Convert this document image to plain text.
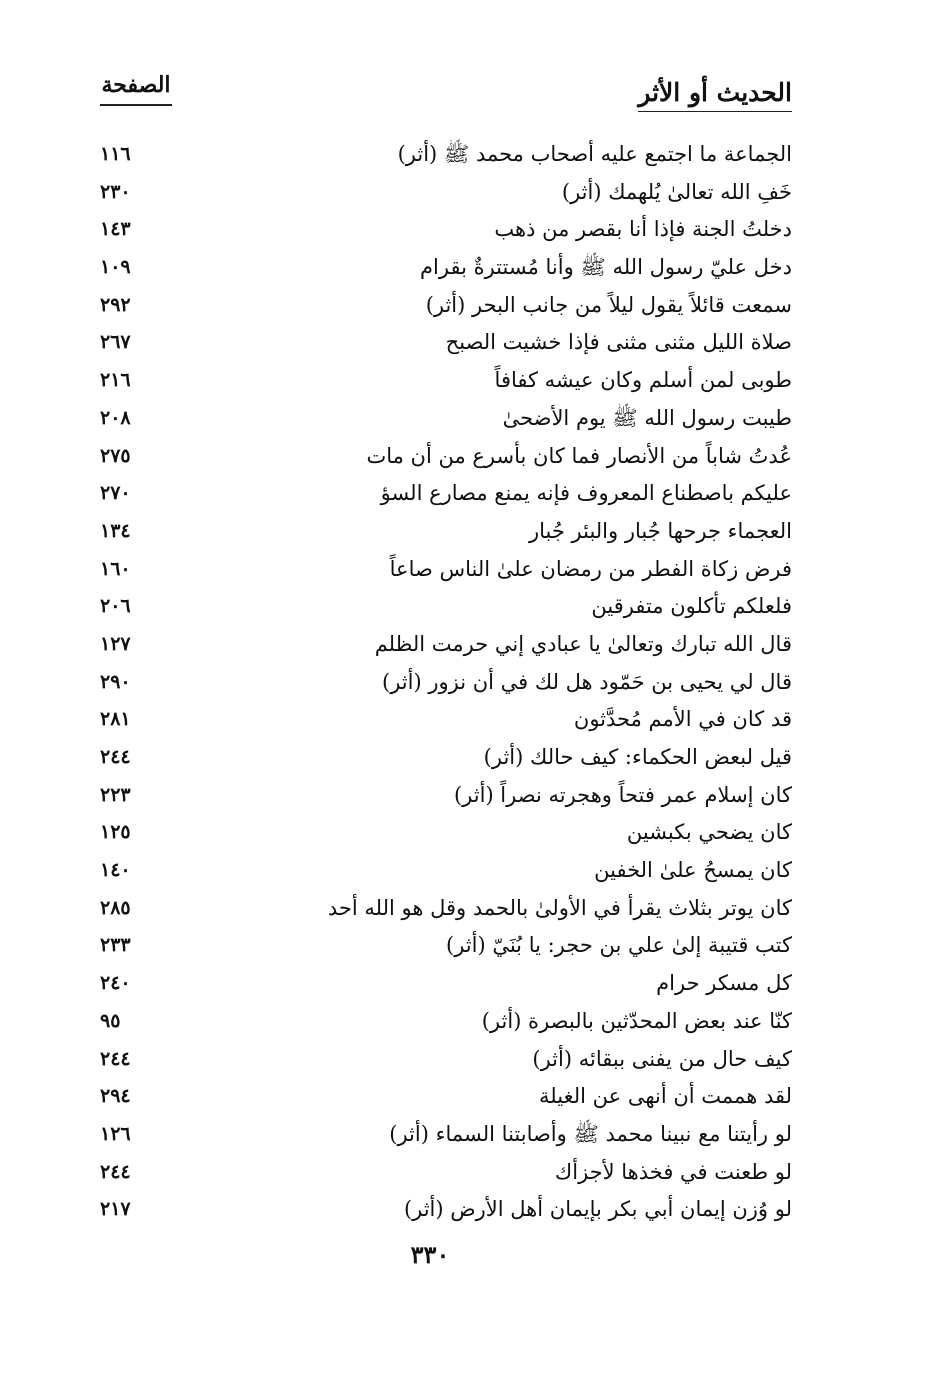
الحديث أو الأثر
الصفحة
الجماعة ما اجتمع عليه أصحاب محمد ﷺ (أثر)
١١٦
خَفِ الله تعالىٰ يُلهمك (أثر)
٢٣٠
دخلتُ الجنة فإذا أنا بقصر من ذهب
١٤٣
دخل عليّ رسول الله ﷺ وأنا مُستترةٌ بقرام
١٠٩
سمعت قائلاً يقول ليلاً من جانب البحر (أثر)
٢٩٢
صلاة الليل مثنى مثنى فإذا خشيت الصبح
٢٦٧
طوبى لمن أسلم وكان عيشه كفافاً
٢١٦
طيبت رسول الله ﷺ يوم الأضحىٰ
٢٠٨
عُدتُ شاباً من الأنصار فما كان بأسرع من أن مات
٢٧٥
عليكم باصطناع المعروف فإنه يمنع مصارع السؤ
٢٧٠
العجماء جرحها جُبار والبئر جُبار
١٣٤
فرض زكاة الفطر من رمضان علىٰ الناس صاعاً
١٦٠
فلعلكم تأكلون متفرقين
٢٠٦
قال الله تبارك وتعالىٰ يا عبادي إني حرمت الظلم
١٢٧
قال لي يحيى بن حَمّود هل لك في أن نزور (أثر)
٢٩٠
قد كان في الأمم مُحدَّثون
٢٨١
قيل لبعض الحكماء: كيف حالك (أثر)
٢٤٤
كان إسلام عمر فتحاً وهجرته نصراً (أثر)
٢٢٣
كان يضحي بكبشين
١٢٥
كان يمسحُ علىٰ الخفين
١٤٠
كان يوتر بثلاث يقرأ في الأولىٰ بالحمد وقل هو الله أحد
٢٨٥
كتب قتيبة إلىٰ علي بن حجر: يا بُنَيّ (أثر)
٢٣٣
كل مسكر حرام
٢٤٠
كنّا عند بعض المحدّثين بالبصرة (أثر)
٩٥
كيف حال من يفنى ببقائه (أثر)
٢٤٤
لقد هممت أن أنهى عن الغيلة
٢٩٤
لو رأيتنا مع نبينا محمد ﷺ وأصابتنا السماء (أثر)
١٢٦
لو طعنت في فخذها لأجزأك
٢٤٤
لو وُزن إيمان أبي بكر بإيمان أهل الأرض (أثر)
٢١٧
٣٣٠
